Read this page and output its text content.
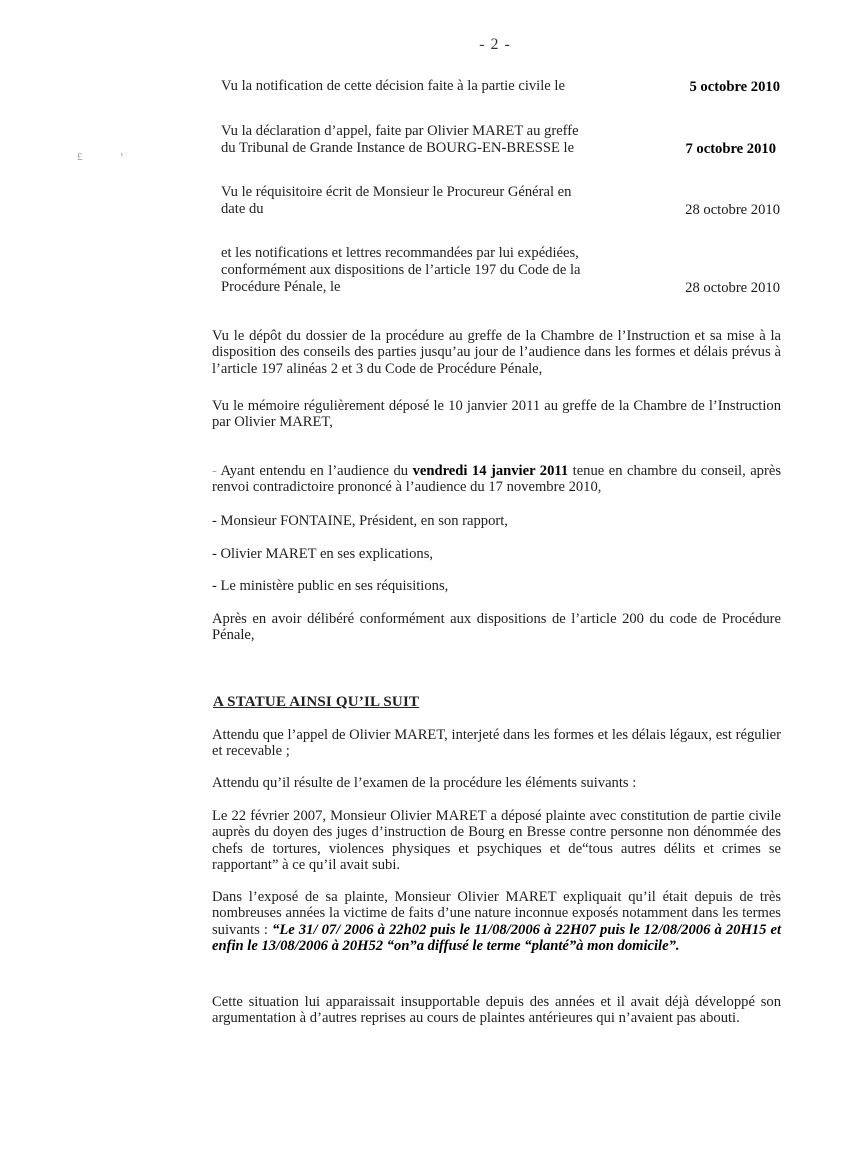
- 2 -
£	›
Vu la notification de cette décision faite à la partie civile le	5 octobre 2010
Vu la déclaration d’appel, faite par Olivier MARET au greffe
du Tribunal de Grande Instance de BOURG-EN-BRESSE le	7 octobre 2010
Vu le réquisitoire écrit de Monsieur le Procureur Général en
date du	28 octobre 2010
et les notifications et lettres recommandées par lui expédiées,
conformément aux dispositions de l’article 197 du Code de la
Procédure Pénale, le	28 octobre 2010
Vu le dépôt du dossier de la procédure au greffe de la Chambre de l’Instruction et sa mise à la disposition des conseils des parties jusqu’au jour de l’audience dans les formes et délais prévus à l’article 197 alinéas 2 et 3 du Code de Procédure Pénale,
Vu le mémoire régulièrement déposé le 10 janvier 2011 au greffe de la Chambre de l’Instruction par Olivier MARET,
- Ayant entendu en l’audience du vendredi 14 janvier 2011 tenue en chambre du conseil, après renvoi contradictoire prononcé à l’audience du 17 novembre 2010,
- Monsieur FONTAINE, Président, en son rapport,
- Olivier MARET en ses explications,
- Le ministère public en ses réquisitions,
Après en avoir délibéré conformément aux dispositions de l’article 200 du code de Procédure Pénale,
A STATUE AINSI QU’IL SUIT
Attendu que l’appel de Olivier MARET, interjeté dans les formes et les délais légaux, est régulier et recevable ;
Attendu qu’il résulte de l’examen de la procédure les éléments suivants :
Le 22 février 2007, Monsieur Olivier MARET a déposé plainte avec constitution de partie civile auprès du doyen des juges d’instruction de Bourg en Bresse contre personne non dénommée des chefs de tortures, violences physiques et psychiques et de“tous autres délits et crimes se rapportant” à ce qu’il avait subi.
Dans l’exposé de sa plainte, Monsieur Olivier MARET expliquait qu’il était depuis de très nombreuses années la victime de faits d’une nature inconnue exposés notamment dans les termes suivants : “Le 31/ 07/ 2006 à 22h02 puis le 11/08/2006 à 22H07 puis le 12/08/2006 à 20H15 et enfin le 13/08/2006 à 20H52 “on”a diffusé le terme “planté”à mon domicile”.
Cette situation lui apparaissait insupportable depuis des années et il avait déjà développé son argumentation à d’autres reprises au cours de plaintes antérieures qui n’avaient pas abouti.
